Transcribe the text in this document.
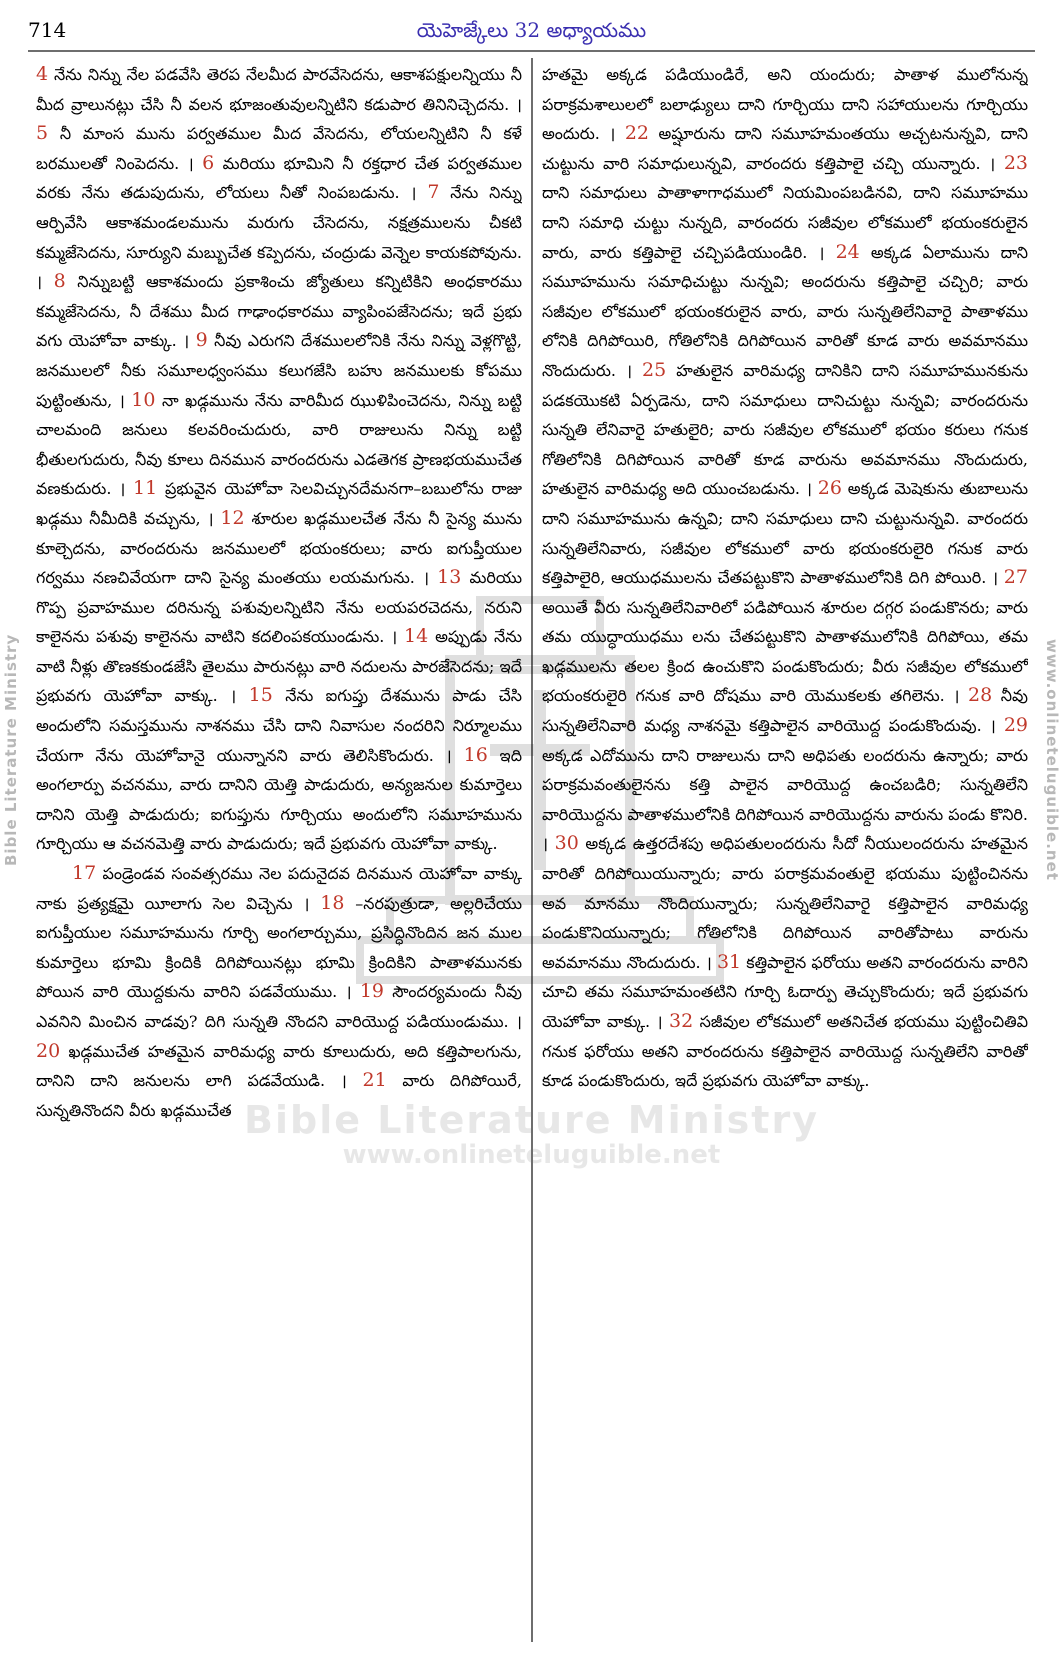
714	యెహెజ్కేలు 32 అధ్యాయము
Bible Literature Ministry
www.onlineteluguible.net
Bible Literature Ministry	www.onlineteluguible.net

4 నేను నిన్ను నేల పడవేసి తెరప నేలమీద పారవేసెదను, ఆకాశపక్షులన్నియు నీ మీద వ్రాలునట్లు చేసి నీ వలన భూజంతువులన్నిటిని కడుపార తినినిచ్చెదను. । 5 నీ మాంస మును పర్వతముల మీద వేసెదను, లోయలన్నిటిని నీ కళే బరములతో నింపెదను. । 6 మరియు భూమిని నీ రక్తధార చేత పర్వతముల వరకు నేను తడుపుదును, లోయలు నీతో నింపబడును. । 7 నేను నిన్ను ఆర్పివేసి ఆకాశమండలమును మరుగు చేసెదను, నక్షత్రములను చీకటి కమ్మజేసెదను, సూర్యుని మబ్బుచేత కప్పెదను, చంద్రుడు వెన్నెల కాయకపోవును. । 8 నిన్నుబట్టి ఆకాశమందు ప్రకాశించు జ్యోతులు కన్నిటికిని అంధకారము కమ్మజేసెదను, నీ దేశము మీద గాఢాంధకారము వ్యాపింపజేసెదను; ఇదే ప్రభు వగు యెహోవా వాక్కు. । 9 నీవు ఎరుగని దేశములలోనికి నేను నిన్ను వెళ్లగొట్టి, జనములలో నీకు సమూలధ్వంసము కలుగజేసి బహు జనములకు కోపము పుట్టింతును, । 10 నా ఖడ్గమును నేను వారిమీద ఝుళిపించెదను, నిన్ను బట్టి చాలమంది జనులు కలవరించుదురు, వారి రాజులును నిన్ను బట్టి భీతులగుదురు, నీవు కూలు దినమున వారందరును ఎడతెగక ప్రాణభయముచేత వణకుదురు. । 11 ప్రభువైన యెహోవా సెలవిచ్చునదేమనగా–బబులోను రాజు ఖడ్గము నీమీదికి వచ్చును, । 12 శూరుల ఖడ్గములచేత నేను నీ సైన్య మును కూల్చెదను, వారందరును జనములలో భయంకరులు; వారు ఐగుప్తీయుల గర్వము నణచివేయగా దాని సైన్య మంతయు లయమగును. । 13 మరియు గొప్ప ప్రవాహముల దరినున్న పశువులన్నిటిని నేను లయపరచెదను, నరుని కాలైనను పశువు కాలైనను వాటిని కదలింపకయుండును. । 14 అప్పుడు నేను వాటి నీళ్లు తొణకకుండజేసి తైలము పారునట్లు వారి నదులను పారజేసెదను; ఇదే ప్రభువగు యెహోవా వాక్కు. । 15 నేను ఐగుప్తు దేశమును పాడు చేసి అందులోని సమస్తమును నాశనము చేసి దాని నివాసుల నందరిని నిర్మూలము చేయగా నేను యెహోవానై యున్నానని వారు తెలిసికొందురు. । 16 ఇది అంగలార్పు వచనము, వారు దానిని యెత్తి పాడుదురు, అన్యజనుల కుమార్తెలు దానిని యెత్తి పాడుదురు; ఐగుప్తును గూర్చియు అందులోని సమూహమును గూర్చియు ఆ వచనమెత్తి వారు పాడుదురు; ఇదే ప్రభువగు యెహోవా వాక్కు.

17 పండ్రెండవ సంవత్సరము నెల పదునైదవ దినమున యెహోవా వాక్కు నాకు ప్రత్యక్షమై యీలాగు సెల విచ్చెను । 18 –నరపుత్రుడా, అల్లరిచేయు ఐగుప్తీయుల సమూహమును గూర్చి అంగలార్చుము, ప్రసిద్ధినొందిన జన ముల కుమార్తెలు భూమి క్రిందికి దిగిపోయినట్లు భూమి క్రిందికిని పాతాళమునకు పోయిన వారి యొద్దకును వారిని పడవేయుము. । 19 సౌందర్యమందు నీవు ఎవనిని మించిన వాడవు? దిగి సున్నతి నొందని వారియొద్ద పడియుండుము. । 20 ఖడ్గముచేత హతమైన వారిమధ్య వారు కూలుదురు, అది కత్తిపాలగును, దానిని దాని జనులను లాగి పడవేయుడి. । 21 వారు దిగిపోయిరే, సున్నతినొందని వీరు ఖడ్గముచేత

హతమై అక్కడ పడియుండిరే, అని యందురు; పాతాళ ములోనున్న పరాక్రమశాలులలో బలాఢ్యులు దాని గూర్చియు దాని సహాయులను గూర్చియు అందురు. । 22 అష్షూరును దాని సమూహమంతయు అచ్చటనున్నవి, దాని చుట్టును వారి సమాధులున్నవి, వారందరు కత్తిపాలై చచ్చి యున్నారు. । 23 దాని సమాధులు పాతాళాగాధములో నియమింపబడినవి, దాని సమూహము దాని సమాధి చుట్టు నున్నది, వారందరు సజీవుల లోకములో భయంకరులైన వారు, వారు కత్తిపాలై చచ్చిపడియుండిరి. । 24 అక్కడ ఏలామును దాని సమూహమును సమాధిచుట్టు నున్నవి; అందరును కత్తిపాలై చచ్చిరి; వారు సజీవుల లోకములో భయంకరులైన వారు, వారు సున్నతిలేనివారై పాతాళము లోనికి దిగిపోయిరి, గోతిలోనికి దిగిపోయిన వారితో కూడ వారు అవమానము నొందుదురు. । 25 హతులైన వారిమధ్య దానికిని దాని సమూహమునకును పడకయొకటి ఏర్పడెను, దాని సమాధులు దానిచుట్టు నున్నవి; వారందరును సున్నతి లేనివారై హతులైరి; వారు సజీవుల లోకములో భయం కరులు గనుక గోతిలోనికి దిగిపోయిన వారితో కూడ వారును అవమానము నొందుదురు, హతులైన వారిమధ్య అది యుంచబడును. । 26 అక్కడ మెషెకును తుబాలును దాని సమూహమును ఉన్నవి; దాని సమాధులు దాని చుట్టునున్నవి. వారందరు సున్నతిలేనివారు, సజీవుల లోకములో వారు భయంకరులైరి గనుక వారు కత్తిపాలైరి, ఆయుధములను చేతపట్టుకొని పాతాళములోనికి దిగి పోయిరి. । 27 అయితే వీరు సున్నతిలేనివారిలో పడిపోయిన శూరుల దగ్గర పండుకొనరు; వారు తమ యుద్ధాయుధము లను చేతపట్టుకొని పాతాళములోనికి దిగిపోయి, తమ ఖడ్గములను తలల క్రింద ఉంచుకొని పండుకొందురు; వీరు సజీవుల లోకములో భయంకరులైరి గనుక వారి దోషము వారి యెముకలకు తగిలెను. । 28 నీవు సున్నతిలేనివారి మధ్య నాశనమై కత్తిపాలైన వారియొద్ద పండుకొందువు. । 29 అక్కడ ఎదోమును దాని రాజులును దాని అధిపతు లందరును ఉన్నారు; వారు పరాక్రమవంతులైనను కత్తి పాలైన వారియొద్ద ఉంచబడిరి; సున్నతిలేని వారియొద్దను పాతాళములోనికి దిగిపోయిన వారియొద్దను వారును పండు కొనిరి. । 30 అక్కడ ఉత్తరదేశపు అధిపతులందరును సీదో నీయులందరును హతమైన వారితో దిగిపోయియున్నారు; వారు పరాక్రమవంతులై భయము పుట్టించినను అవ మానము నొందియున్నారు; సున్నతిలేనివారై కత్తిపాలైన వారిమధ్య పండుకొనియున్నారు; గోతిలోనికి దిగిపోయిన వారితోపాటు వారును అవమానము నొందుదురు. । 31 కత్తిపాలైన ఫరోయు అతని వారందరును వారిని చూచి తమ సమూహమంతటిని గూర్చి ఓదార్పు తెచ్చుకొందురు; ఇదే ప్రభువగు యెహోవా వాక్కు. । 32 సజీవుల లోకములో అతనిచేత భయము పుట్టించితివి గనుక ఫరోయు అతని వారందరును కత్తిపాలైన వారియొద్ద సున్నతిలేని వారితో కూడ పండుకొందురు, ఇదే ప్రభువగు యెహోవా వాక్కు.
